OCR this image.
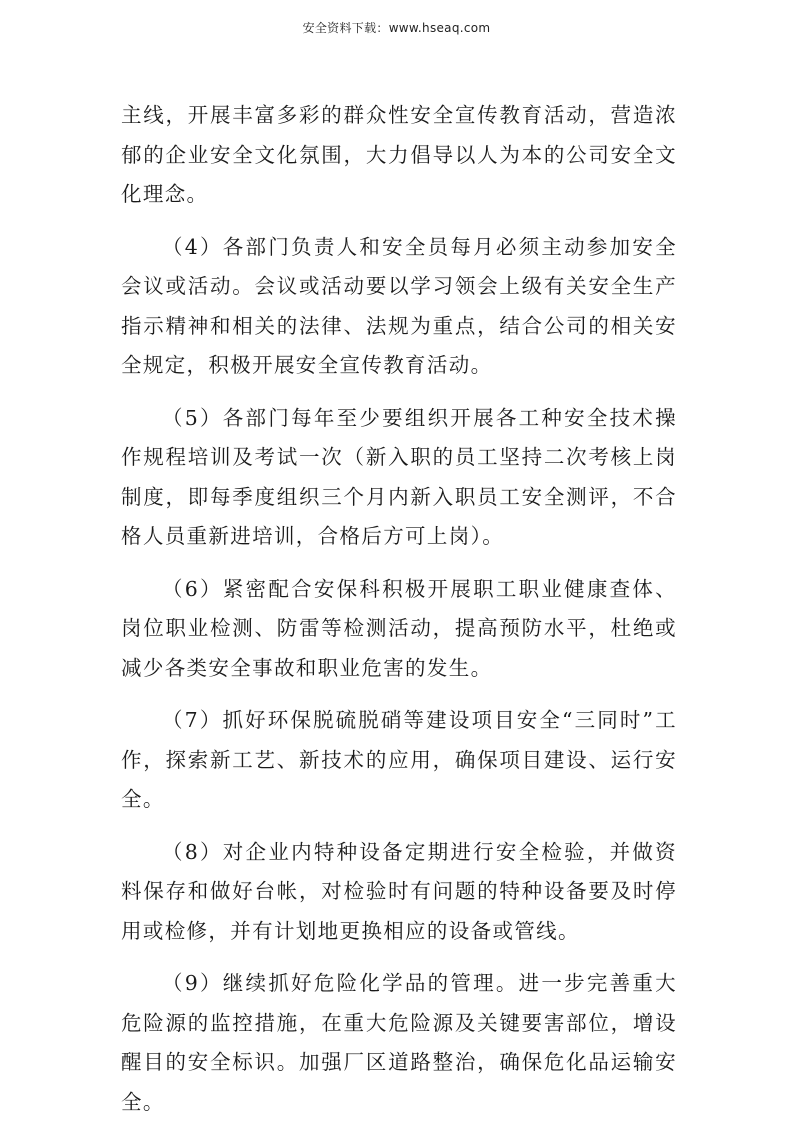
安全资料下载：www.hseaq.com

主线，开展丰富多彩的群众性安全宣传教育活动，营造浓郁的企业安全文化氛围，大力倡导以人为本的公司安全文化理念。

（4）各部门负责人和安全员每月必须主动参加安全会议或活动。会议或活动要以学习领会上级有关安全生产指示精神和相关的法律、法规为重点，结合公司的相关安全规定，积极开展安全宣传教育活动。

（5）各部门每年至少要组织开展各工种安全技术操作规程培训及考试一次（新入职的员工坚持二次考核上岗制度，即每季度组织三个月内新入职员工安全测评，不合格人员重新进培训，合格后方可上岗）。

（6）紧密配合安保科积极开展职工职业健康查体、岗位职业检测、防雷等检测活动，提高预防水平，杜绝或减少各类安全事故和职业危害的发生。

（7）抓好环保脱硫脱硝等建设项目安全“三同时”工作，探索新工艺、新技术的应用，确保项目建设、运行安全。

（8）对企业内特种设备定期进行安全检验，并做资料保存和做好台帐，对检验时有问题的特种设备要及时停用或检修，并有计划地更换相应的设备或管线。

（9）继续抓好危险化学品的管理。进一步完善重大危险源的监控措施，在重大危险源及关键要害部位，增设醒目的安全标识。加强厂区道路整治，确保危化品运输安全。
